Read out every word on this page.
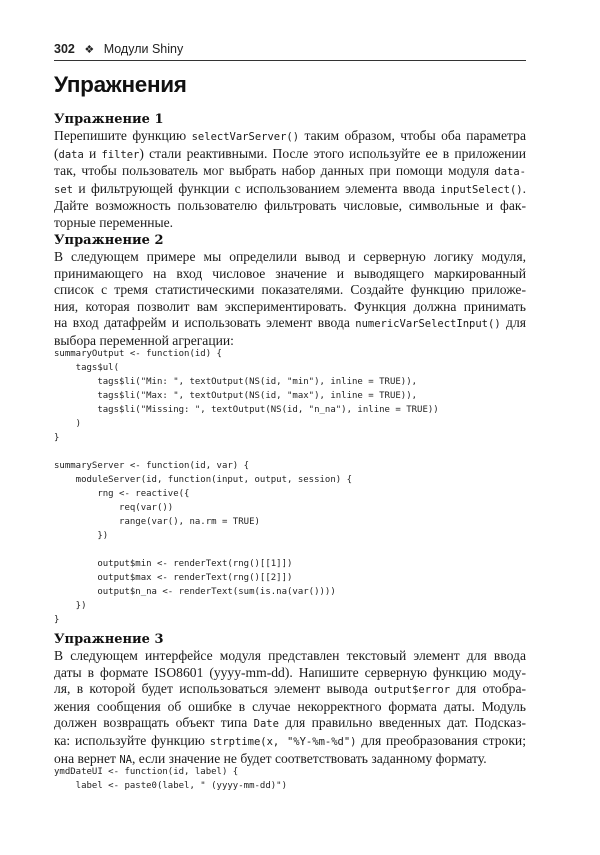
302 ❖ Модули Shiny
Упражнения
Упражнение 1
Перепишите функцию selectVarServer() таким образом, чтобы оба параметра
(data и filter) стали реактивными. После этого используйте ее в приложении
так, чтобы пользователь мог выбрать набор данных при помощи модуля data-
set и фильтрующей функции с использованием элемента ввода inputSelect().
Дайте возможность пользователю фильтровать числовые, символьные и фак-
торные переменные.
Упражнение 2
В следующем примере мы определили вывод и серверную логику модуля,
принимающего на вход числовое значение и выводящего маркированный
список с тремя статистическими показателями. Создайте функцию приложе-
ния, которая позволит вам экспериментировать. Функция должна принимать
на вход датафрейм и использовать элемент ввода numericVarSelectInput() для
выбора переменной агрегации:
summaryOutput <- function(id) {
tags$ul(
tags$li("Min: ", textOutput(NS(id, "min"), inline = TRUE)),
tags$li("Max: ", textOutput(NS(id, "max"), inline = TRUE)),
tags$li("Missing: ", textOutput(NS(id, "n_na"), inline = TRUE))
)
}

summaryServer <- function(id, var) {
moduleServer(id, function(input, output, session) {
rng <- reactive({
req(var())
range(var(), na.rm = TRUE)
})

output$min <- renderText(rng()[[1]])
output$max <- renderText(rng()[[2]])
output$n_na <- renderText(sum(is.na(var())))
})
}
Упражнение 3
В следующем интерфейсе модуля представлен текстовый элемент для ввода
даты в формате ISO8601 (yyyy-mm-dd). Напишите серверную функцию моду-
ля, в которой будет использоваться элемент вывода output$error для отобра-
жения сообщения об ошибке в случае некорректного формата даты. Модуль
должен возвращать объект типа Date для правильно введенных дат. Подсказ-
ка: используйте функцию strptime(x, "%Y-%m-%d") для преобразования строки;
она вернет NA, если значение не будет соответствовать заданному формату.
ymdDateUI <- function(id, label) {
label <- paste0(label, " (yyyy-mm-dd)")
